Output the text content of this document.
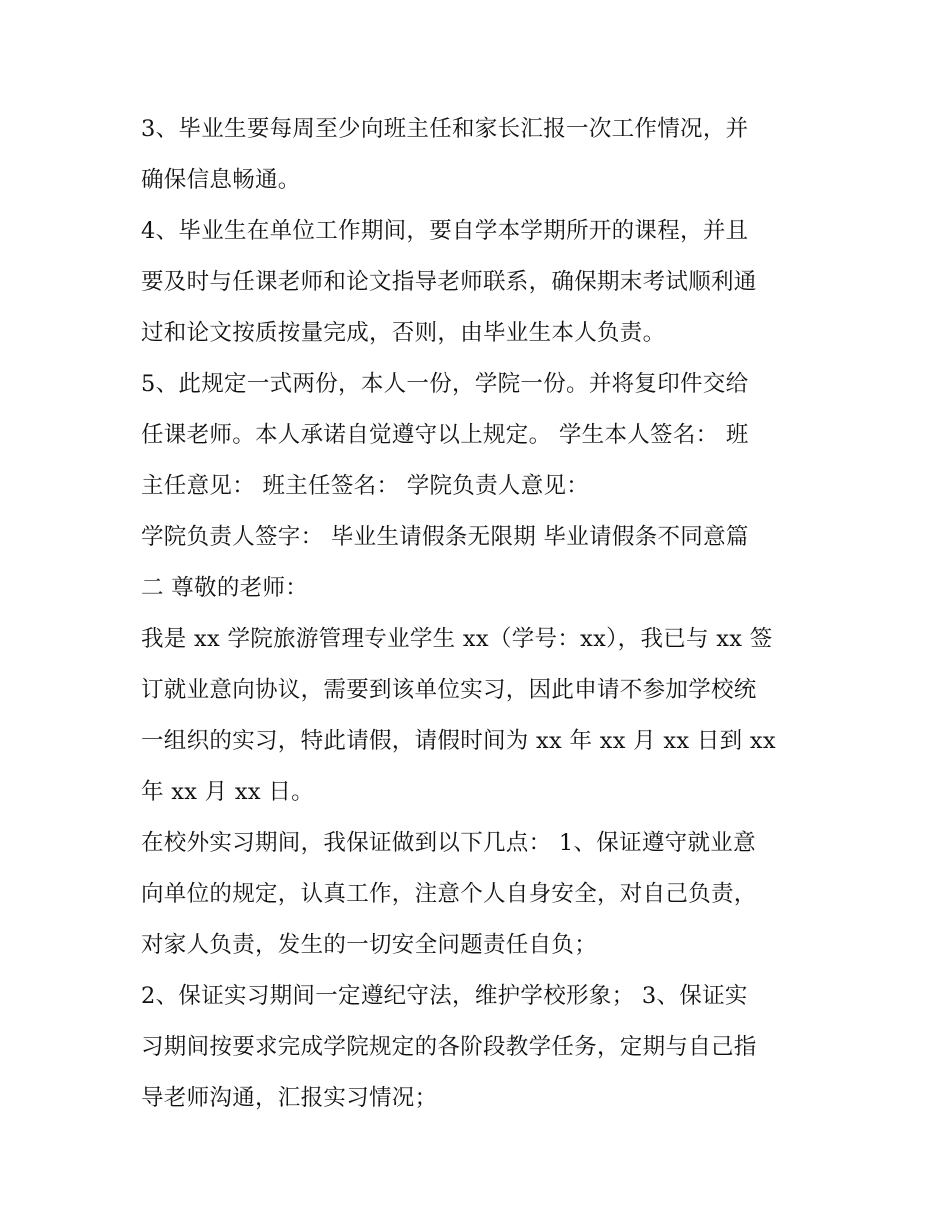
3、毕业生要每周至少向班主任和家长汇报一次工作情况，并
确保信息畅通。
4、毕业生在单位工作期间，要自学本学期所开的课程，并且
要及时与任课老师和论文指导老师联系，确保期末考试顺利通
过和论文按质按量完成，否则，由毕业生本人负责。
5、此规定一式两份，本人一份，学院一份。并将复印件交给
任课老师。本人承诺自觉遵守以上规定。 学生本人签名： 班
主任意见： 班主任签名： 学院负责人意见：
学院负责人签字： 毕业生请假条无限期 毕业请假条不同意篇
二 尊敬的老师：
我是 xx 学院旅游管理专业学生 xx（学号：xx），我已与 xx 签
订就业意向协议，需要到该单位实习，因此申请不参加学校统
一组织的实习，特此请假，请假时间为 xx 年 xx 月 xx 日到 xx
年 xx 月 xx 日。
在校外实习期间，我保证做到以下几点： 1、保证遵守就业意
向单位的规定，认真工作，注意个人自身安全，对自己负责，
对家人负责，发生的一切安全问题责任自负；
2、保证实习期间一定遵纪守法，维护学校形象； 3、保证实
习期间按要求完成学院规定的各阶段教学任务，定期与自己指
导老师沟通，汇报实习情况；
